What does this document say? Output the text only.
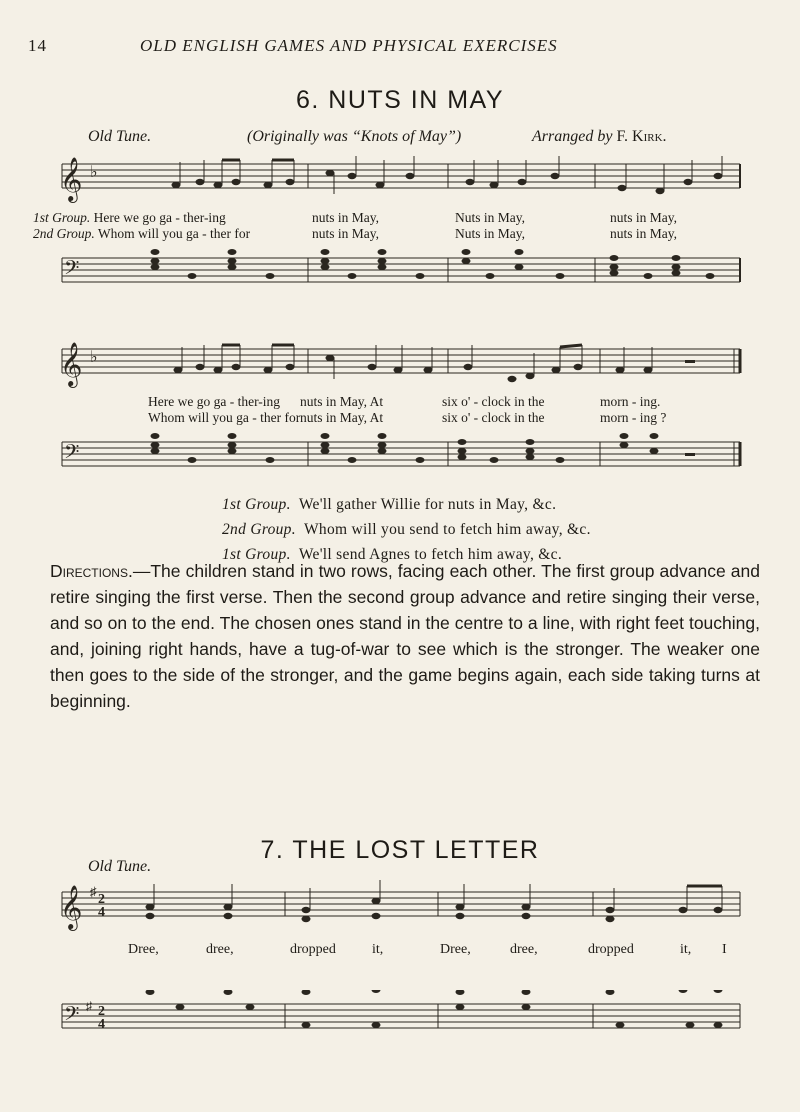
14	OLD ENGLISH GAMES AND PHYSICAL EXERCISES
6. NUTS IN MAY
Old Tune.	(Originally was “Knots of May”)	Arranged by F. Kirk.
𝄞 ♭
1st Group. Here we go ga - ther-ing	nuts in May,	Nuts in May,	nuts in May,
2nd Group. Whom will you ga - ther for	nuts in May,	Nuts in May,	nuts in May,
𝄢
𝄞 ♭
Here we go ga - ther-ing nuts in May, At	six o' - clock in the	morn - ing.
Whom will you ga - ther for nuts in May, At	six o' - clock in the	morn - ing ?
𝄢
1st Group. We'll gather Willie for nuts in May, &c.
2nd Group. Whom will you send to fetch him away, &c.
1st Group. We'll send Agnes to fetch him away, &c.
Directions.—The children stand in two rows, facing each other. The first group advance and retire singing the first verse. Then the second group advance and retire singing their verse, and so on to the end. The chosen ones stand in the centre to a line, with right feet touching, and, joining right hands, have a tug-of-war to see which is the stronger. The weaker one then goes to the side of the stronger, and the game begins again, each side taking turns at beginning.
7. THE LOST LETTER
Old Tune.
𝄞 ♯
2
4
Dree,	dree,	dropped	it,	Dree,	dree,	dropped	it, I
𝄢 ♯ 2
4
